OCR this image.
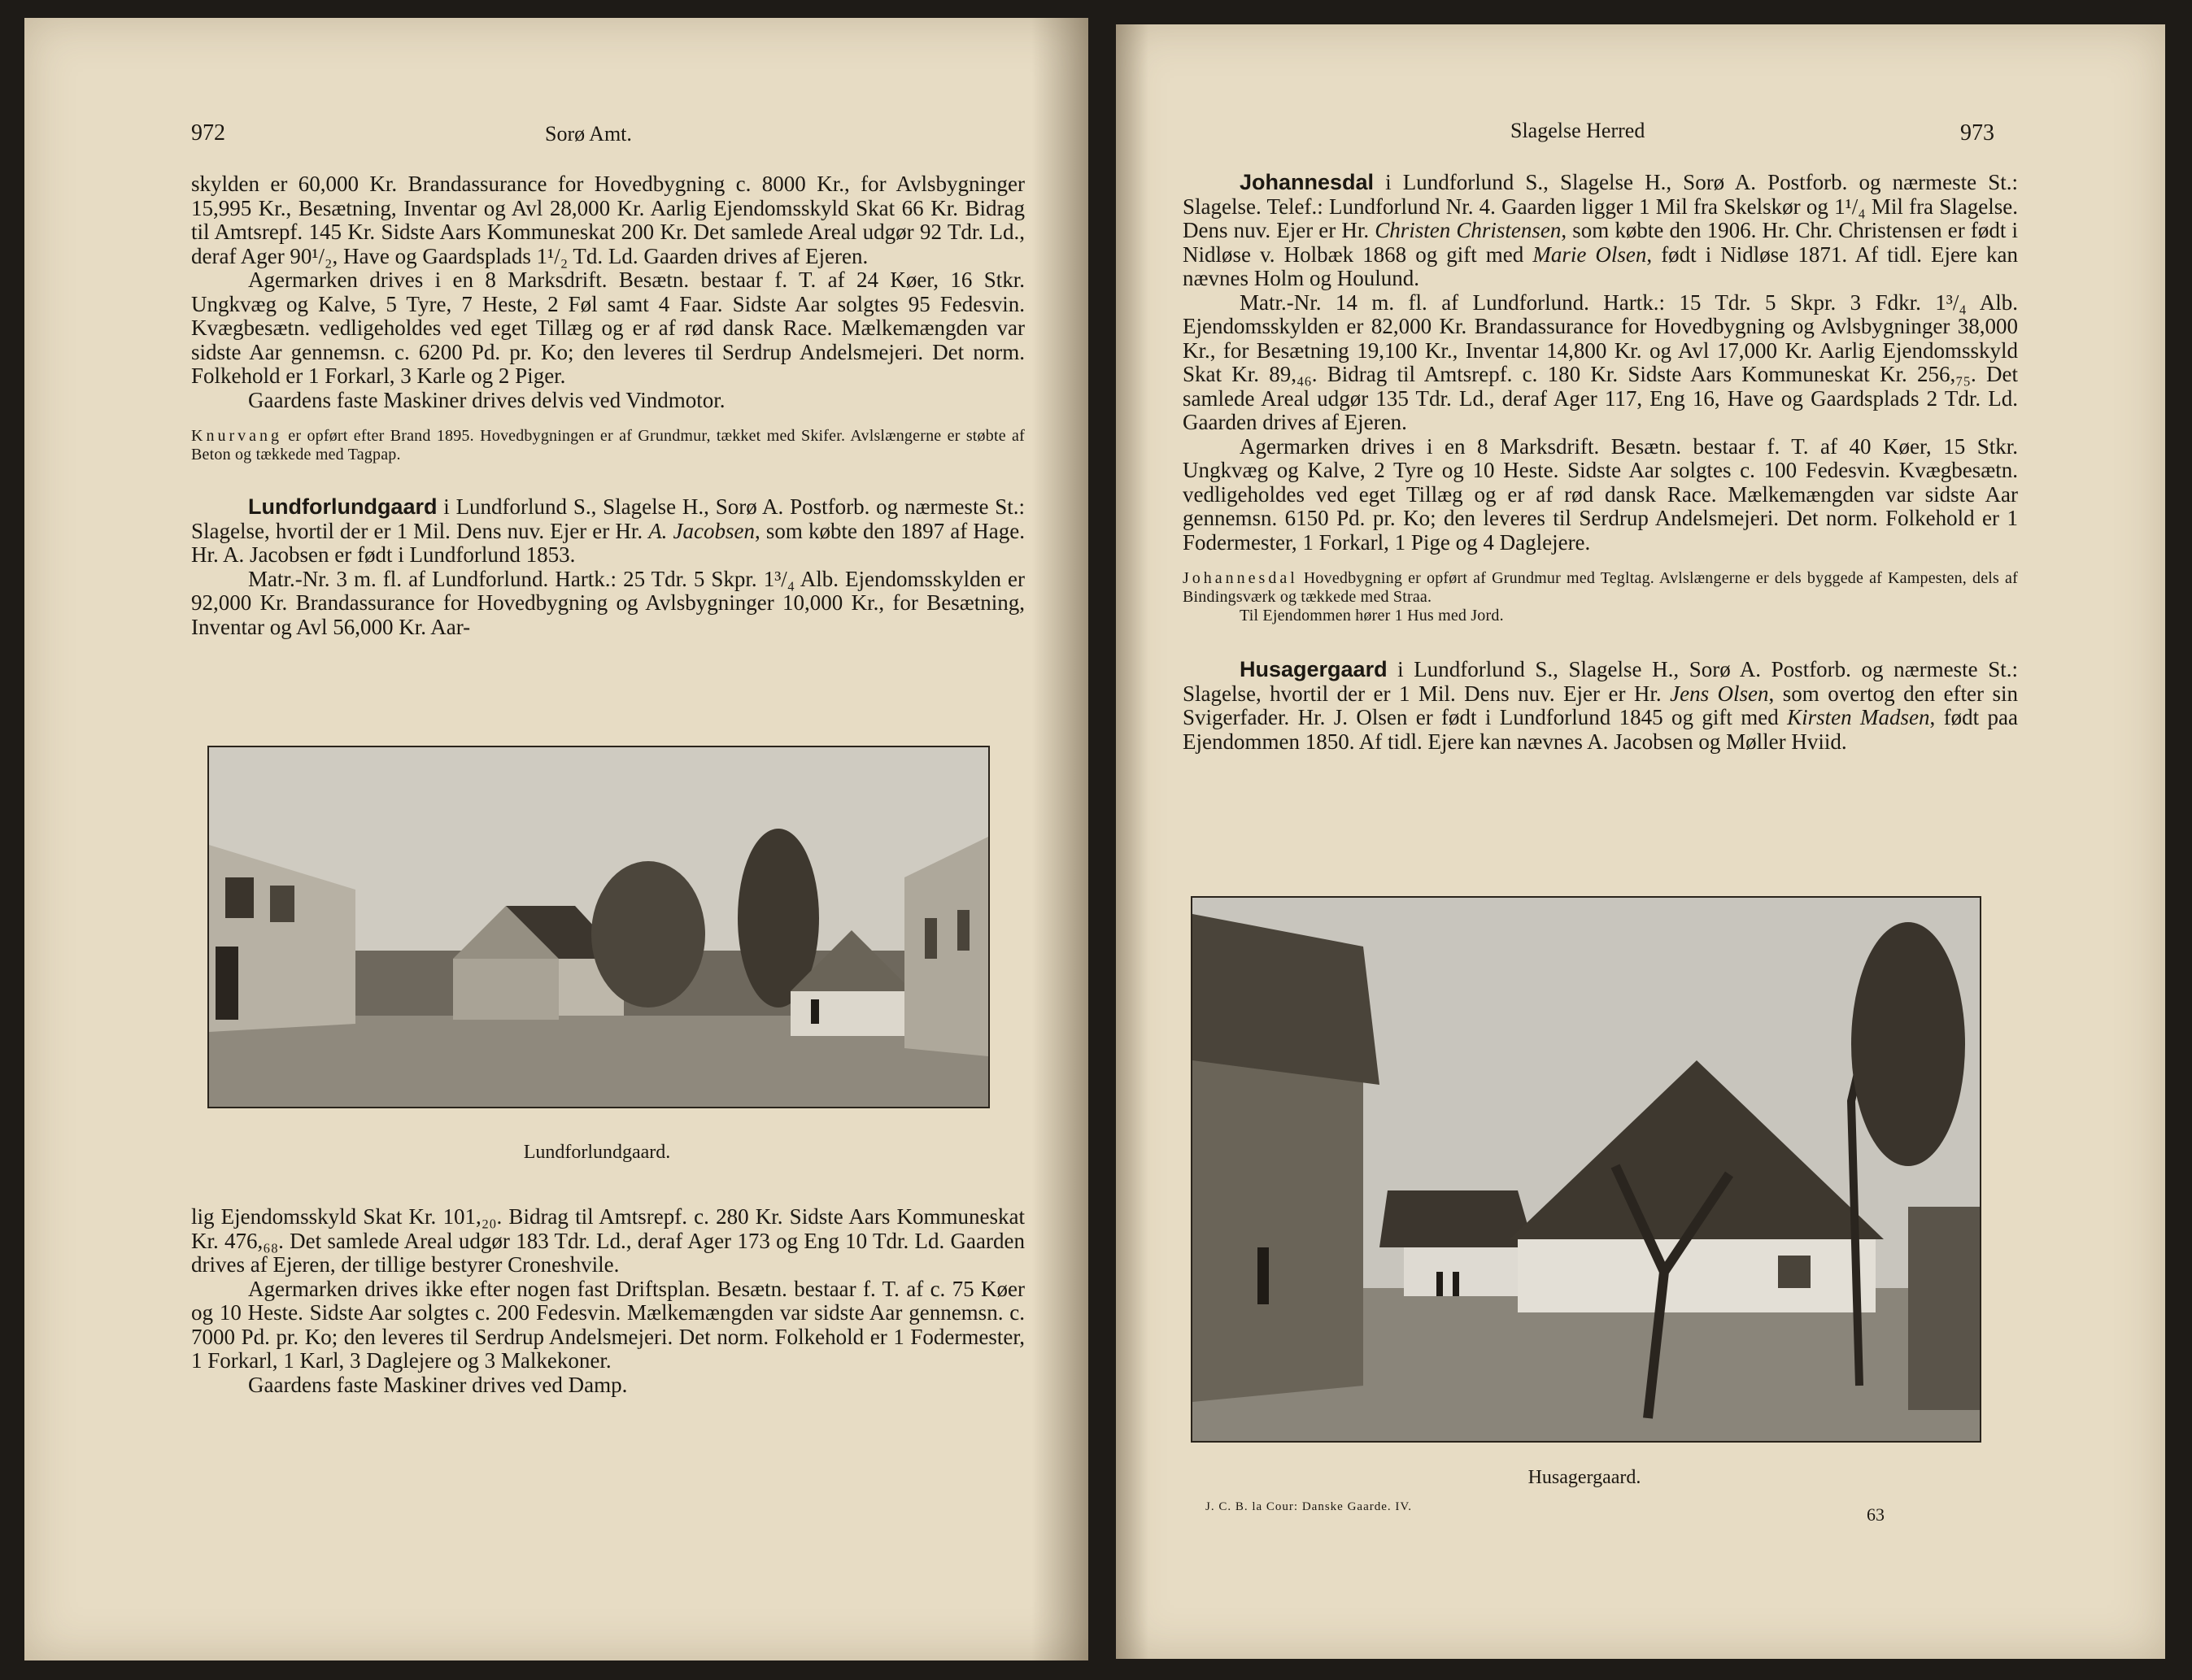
972	Sorø Amt.

skylden er 60,000 Kr. Brandassurance for Hovedbygning c. 8000 Kr., for Avlsbygninger 15,995 Kr., Besætning, Inventar og Avl 28,000 Kr. Aarlig Ejendomsskyld Skat 66 Kr. Bidrag til Amtsrepf. 145 Kr. Sidste Aars Kommuneskat 200 Kr. Det samlede Areal udgør 92 Tdr. Ld., deraf Ager 90¹/₂, Have og Gaardsplads 1¹/₂ Td. Ld. Gaarden drives af Ejeren.

Agermarken drives i en 8 Marksdrift. Besætn. bestaar f. T. af 24 Køer, 16 Stkr. Ungkvæg og Kalve, 5 Tyre, 7 Heste, 2 Føl samt 4 Faar. Sidste Aar solgtes 95 Fedesvin. Kvægbesætn. vedligeholdes ved eget Tillæg og er af rød dansk Race. Mælkemængden var sidste Aar gennemsn. c. 6200 Pd. pr. Ko; den leveres til Serdrup Andelsmejeri. Det norm. Folkehold er 1 Forkarl, 3 Karle og 2 Piger.

Gaardens faste Maskiner drives delvis ved Vindmotor.

Knurvang er opført efter Brand 1895. Hovedbygningen er af Grundmur, tækket med Skifer. Avlslængerne er støbte af Beton og tækkede med Tagpap.

Lundforlundgaard i Lundforlund S., Slagelse H., Sorø A. Postforb. og nærmeste St.: Slagelse, hvortil der er 1 Mil. Dens nuv. Ejer er Hr. A. Jacobsen, som købte den 1897 af Hage. Hr. A. Jacobsen er født i Lundforlund 1853.

Matr.-Nr. 3 m. fl. af Lundforlund. Hartk.: 25 Tdr. 5 Skpr. 1³/₄ Alb. Ejendomsskylden er 92,000 Kr. Brandassurance for Hovedbygning og Avlsbygninger 10,000 Kr., for Besætning, Inventar og Avl 56,000 Kr. Aar-

Lundforlundgaard.

lig Ejendomsskyld Skat Kr. 101,₂₀. Bidrag til Amtsrepf. c. 280 Kr. Sidste Aars Kommuneskat Kr. 476,₆₈. Det samlede Areal udgør 183 Tdr. Ld., deraf Ager 173 og Eng 10 Tdr. Ld. Gaarden drives af Ejeren, der tillige bestyrer Croneshvile.

Agermarken drives ikke efter nogen fast Driftsplan. Besætn. bestaar f. T. af c. 75 Køer og 10 Heste. Sidste Aar solgtes c. 200 Fedesvin. Mælkemængden var sidste Aar gennemsn. c. 7000 Pd. pr. Ko; den leveres til Serdrup Andelsmejeri. Det norm. Folkehold er 1 Fodermester, 1 Forkarl, 1 Karl, 3 Daglejere og 3 Malkekoner.

Gaardens faste Maskiner drives ved Damp.

Slagelse Herred	973

Johannesdal i Lundforlund S., Slagelse H., Sorø A. Postforb. og nærmeste St.: Slagelse. Telef.: Lundforlund Nr. 4. Gaarden ligger 1 Mil fra Skelskør og 1¹/₄ Mil fra Slagelse. Dens nuv. Ejer er Hr. Christen Christensen, som købte den 1906. Hr. Chr. Christensen er født i Nidløse v. Holbæk 1868 og gift med Marie Olsen, født i Nidløse 1871. Af tidl. Ejere kan nævnes Holm og Houlund.

Matr.-Nr. 14 m. fl. af Lundforlund. Hartk.: 15 Tdr. 5 Skpr. 3 Fdkr. 1³/₄ Alb. Ejendomsskylden er 82,000 Kr. Brandassurance for Hovedbygning og Avlsbygninger 38,000 Kr., for Besætning 19,100 Kr., Inventar 14,800 Kr. og Avl 17,000 Kr. Aarlig Ejendomsskyld Skat Kr. 89,₄₆. Bidrag til Amtsrepf. c. 180 Kr. Sidste Aars Kommuneskat Kr. 256,₇₅. Det samlede Areal udgør 135 Tdr. Ld., deraf Ager 117, Eng 16, Have og Gaardsplads 2 Tdr. Ld. Gaarden drives af Ejeren.

Agermarken drives i en 8 Marksdrift. Besætn. bestaar f. T. af 40 Køer, 15 Stkr. Ungkvæg og Kalve, 2 Tyre og 10 Heste. Sidste Aar solgtes c. 100 Fedesvin. Kvægbesætn. vedligeholdes ved eget Tillæg og er af rød dansk Race. Mælkemængden var sidste Aar gennemsn. 6150 Pd. pr. Ko; den leveres til Serdrup Andelsmejeri. Det norm. Folkehold er 1 Fodermester, 1 Forkarl, 1 Pige og 4 Daglejere.

Johannesdal Hovedbygning er opført af Grundmur med Tegltag. Avlslængerne er dels byggede af Kampesten, dels af Bindingsværk og tækkede med Straa.

Til Ejendommen hører 1 Hus med Jord.

Husagergaard i Lundforlund S., Slagelse H., Sorø A. Postforb. og nærmeste St.: Slagelse, hvortil der er 1 Mil. Dens nuv. Ejer er Hr. Jens Olsen, som overtog den efter sin Svigerfader. Hr. J. Olsen er født i Lundforlund 1845 og gift med Kirsten Madsen, født paa Ejendommen 1850. Af tidl. Ejere kan nævnes A. Jacobsen og Møller Hviid.

Husagergaard.
J. C. B. la Cour: Danske Gaarde. IV.	63
